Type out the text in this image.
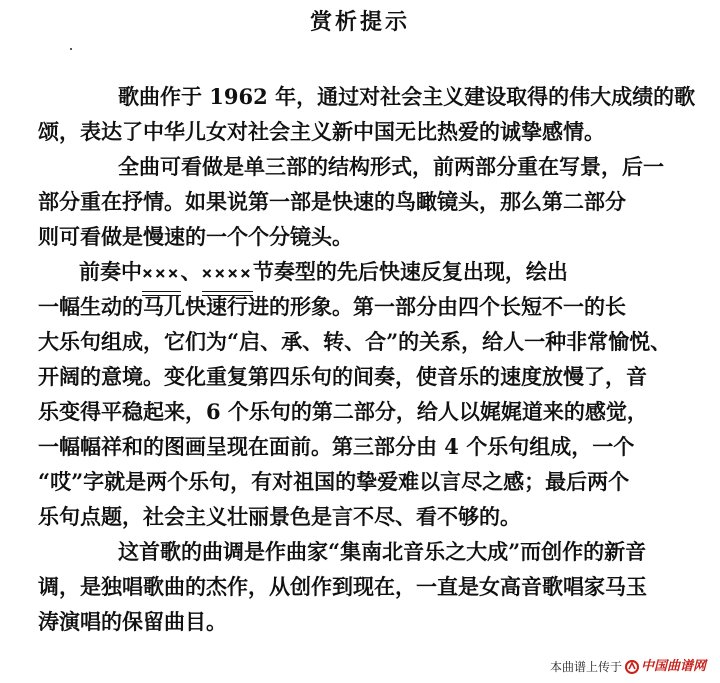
赏析提示
　　歌曲作于 1962 年，通过对社会主义建设取得的伟大成绩的歌
颂，表达了中华儿女对社会主义新中国无比热爱的诚挚感情。
　　全曲可看做是单三部的结构形式，前两部分重在写景，后一
部分重在抒情。如果说第一部是快速的鸟瞰镜头，那么第二部分
则可看做是慢速的一个个分镜头。
前奏中×××、××××节奏型的先后快速反复出现，绘出
一幅生动的马儿快速行进的形象。第一部分由四个长短不一的长
大乐句组成，它们为“启、承、转、合”的关系，给人一种非常愉悦、
开阔的意境。变化重复第四乐句的间奏，使音乐的速度放慢了，音
乐变得平稳起来，6 个乐句的第二部分，给人以娓娓道来的感觉，
一幅幅祥和的图画呈现在面前。第三部分由 4 个乐句组成，一个
“哎”字就是两个乐句，有对祖国的挚爱难以言尽之感；最后两个
乐句点题，社会主义壮丽景色是言不尽、看不够的。
　　这首歌的曲调是作曲家“集南北音乐之大成”而创作的新音
调，是独唱歌曲的杰作，从创作到现在，一直是女高音歌唱家马玉
涛演唱的保留曲目。
本曲谱上传于 中国曲谱网
